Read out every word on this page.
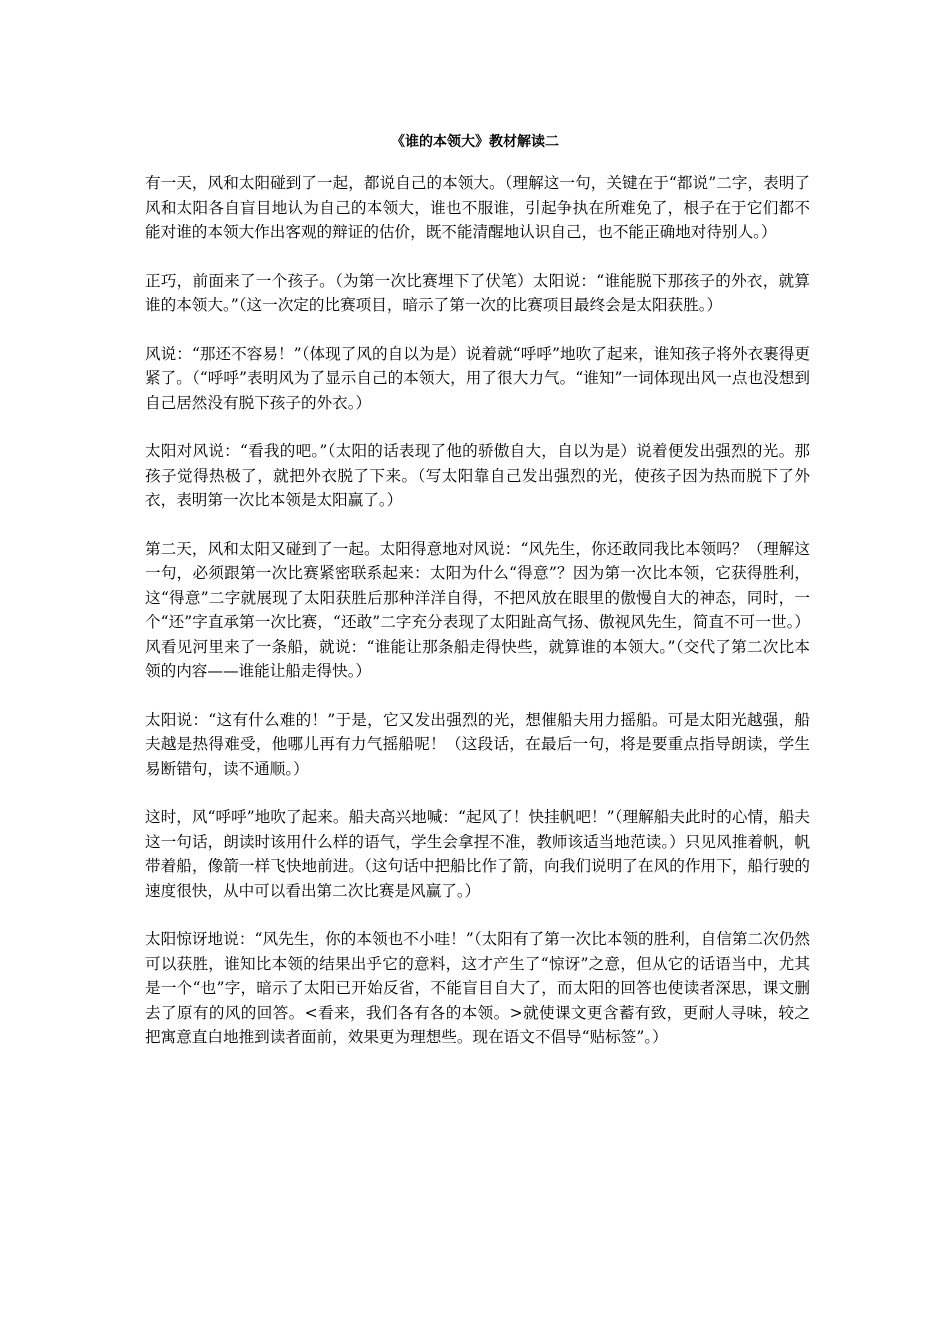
《谁的本领大》教材解读二

有一天，风和太阳碰到了一起，都说自己的本领大。（理解这一句，关键在于“都说”二字，表明了风和太阳各自盲目地认为自己的本领大，谁也不服谁，引起争执在所难免了，根子在于它们都不能对谁的本领大作出客观的辩证的估价，既不能清醒地认识自己，也不能正确地对待别人。）

正巧，前面来了一个孩子。（为第一次比赛埋下了伏笔）太阳说：“谁能脱下那孩子的外衣，就算谁的本领大。”（这一次定的比赛项目，暗示了第一次的比赛项目最终会是太阳获胜。）

风说：“那还不容易！”（体现了风的自以为是）说着就“呼呼”地吹了起来，谁知孩子将外衣裹得更紧了。（“呼呼”表明风为了显示自己的本领大，用了很大力气。“谁知”一词体现出风一点也没想到自己居然没有脱下孩子的外衣。）

太阳对风说：“看我的吧。”（太阳的话表现了他的骄傲自大，自以为是）说着便发出强烈的光。那孩子觉得热极了，就把外衣脱了下来。（写太阳靠自己发出强烈的光，使孩子因为热而脱下了外衣，表明第一次比本领是太阳赢了。）

第二天，风和太阳又碰到了一起。太阳得意地对风说：“风先生，你还敢同我比本领吗？（理解这一句，必须跟第一次比赛紧密联系起来：太阳为什么“得意”？因为第一次比本领，它获得胜利，这“得意”二字就展现了太阳获胜后那种洋洋自得，不把风放在眼里的傲慢自大的神态，同时，一个“还”字直承第一次比赛，“还敢”二字充分表现了太阳趾高气扬、傲视风先生，简直不可一世。）风看见河里来了一条船，就说：“谁能让那条船走得快些，就算谁的本领大。”（交代了第二次比本领的内容——谁能让船走得快。）

太阳说：“这有什么难的！”于是，它又发出强烈的光，想催船夫用力摇船。可是太阳光越强，船夫越是热得难受，他哪儿再有力气摇船呢！（这段话，在最后一句，将是要重点指导朗读，学生易断错句，读不通顺。）

这时，风“呼呼”地吹了起来。船夫高兴地喊：“起风了！快挂帆吧！”（理解船夫此时的心情，船夫这一句话，朗读时该用什么样的语气，学生会拿捏不准，教师该适当地范读。）只见风推着帆，帆带着船，像箭一样飞快地前进。（这句话中把船比作了箭，向我们说明了在风的作用下，船行驶的速度很快，从中可以看出第二次比赛是风赢了。）

太阳惊讶地说：“风先生，你的本领也不小哇！”（太阳有了第一次比本领的胜利，自信第二次仍然可以获胜，谁知比本领的结果出乎它的意料，这才产生了“惊讶”之意，但从它的话语当中，尤其是一个“也”字，暗示了太阳已开始反省，不能盲目自大了，而太阳的回答也使读者深思，课文删去了原有的风的回答。<看来，我们各有各的本领。>就使课文更含蓄有致，更耐人寻味，较之把寓意直白地推到读者面前，效果更为理想些。现在语文不倡导“贴标签”。）
